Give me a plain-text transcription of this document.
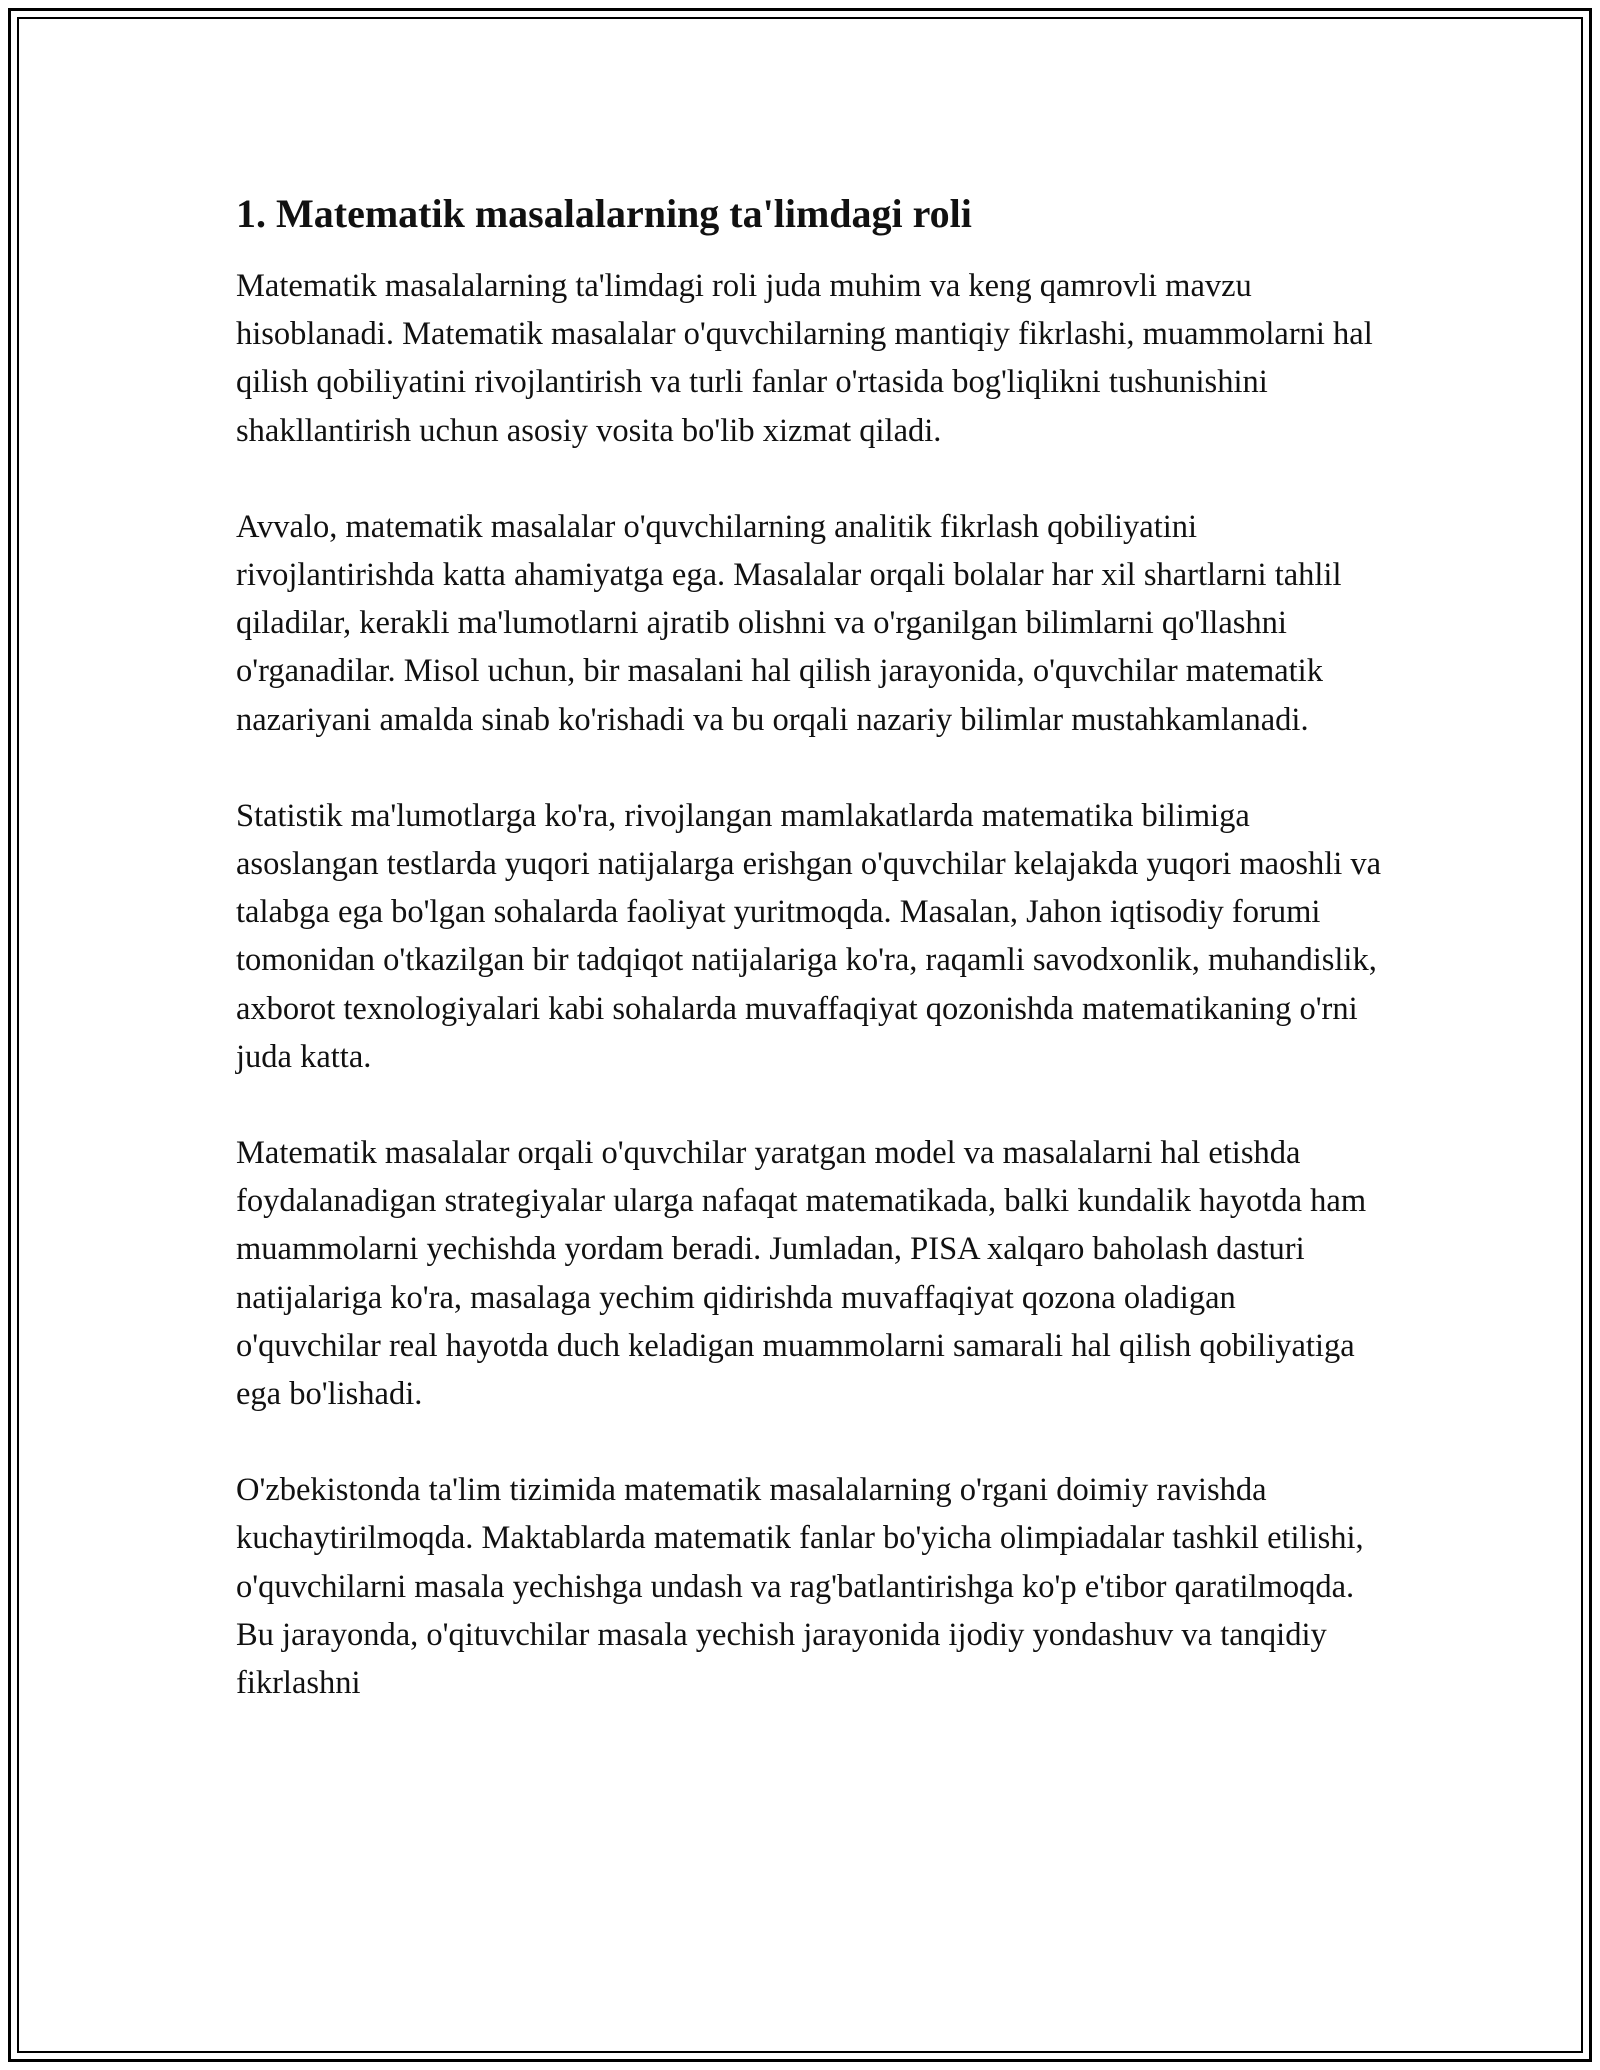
1. Matematik masalalarning ta'limdagi roli

Matematik masalalarning ta'limdagi roli juda muhim va keng qamrovli mavzu hisoblanadi. Matematik masalalar o'quvchilarning mantiqiy fikrlashi, muammolarni hal qilish qobiliyatini rivojlantirish va turli fanlar o'rtasida bog'liqlikni tushunishini shakllantirish uchun asosiy vosita bo'lib xizmat qiladi.

Avvalo, matematik masalalar o'quvchilarning analitik fikrlash qobiliyatini rivojlantirishda katta ahamiyatga ega. Masalalar orqali bolalar har xil shartlarni tahlil qiladilar, kerakli ma'lumotlarni ajratib olishni va o'rganilgan bilimlarni qo'llashni o'rganadilar. Misol uchun, bir masalani hal qilish jarayonida, o'quvchilar matematik nazariyani amalda sinab ko'rishadi va bu orqali nazariy bilimlar mustahkamlanadi.

Statistik ma'lumotlarga ko'ra, rivojlangan mamlakatlarda matematika bilimiga asoslangan testlarda yuqori natijalarga erishgan o'quvchilar kelajakda yuqori maoshli va talabga ega bo'lgan sohalarda faoliyat yuritmoqda. Masalan, Jahon iqtisodiy forumi tomonidan o'tkazilgan bir tadqiqot natijalariga ko'ra, raqamli savodxonlik, muhandislik, axborot texnologiyalari kabi sohalarda muvaffaqiyat qozonishda matematikaning o'rni juda katta.

Matematik masalalar orqali o'quvchilar yaratgan model va masalalarni hal etishda foydalanadigan strategiyalar ularga nafaqat matematikada, balki kundalik hayotda ham muammolarni yechishda yordam beradi. Jumladan, PISA xalqaro baholash dasturi natijalariga ko'ra, masalaga yechim qidirishda muvaffaqiyat qozona oladigan o'quvchilar real hayotda duch keladigan muammolarni samarali hal qilish qobiliyatiga ega bo'lishadi.

O'zbekistonda ta'lim tizimida matematik masalalarning o'rgani doimiy ravishda kuchaytirilmoqda. Maktablarda matematik fanlar bo'yicha olimpiadalar tashkil etilishi, o'quvchilarni masala yechishga undash va rag'batlantirishga ko'p e'tibor qaratilmoqda. Bu jarayonda, o'qituvchilar masala yechish jarayonida ijodiy yondashuv va tanqidiy fikrlashni
